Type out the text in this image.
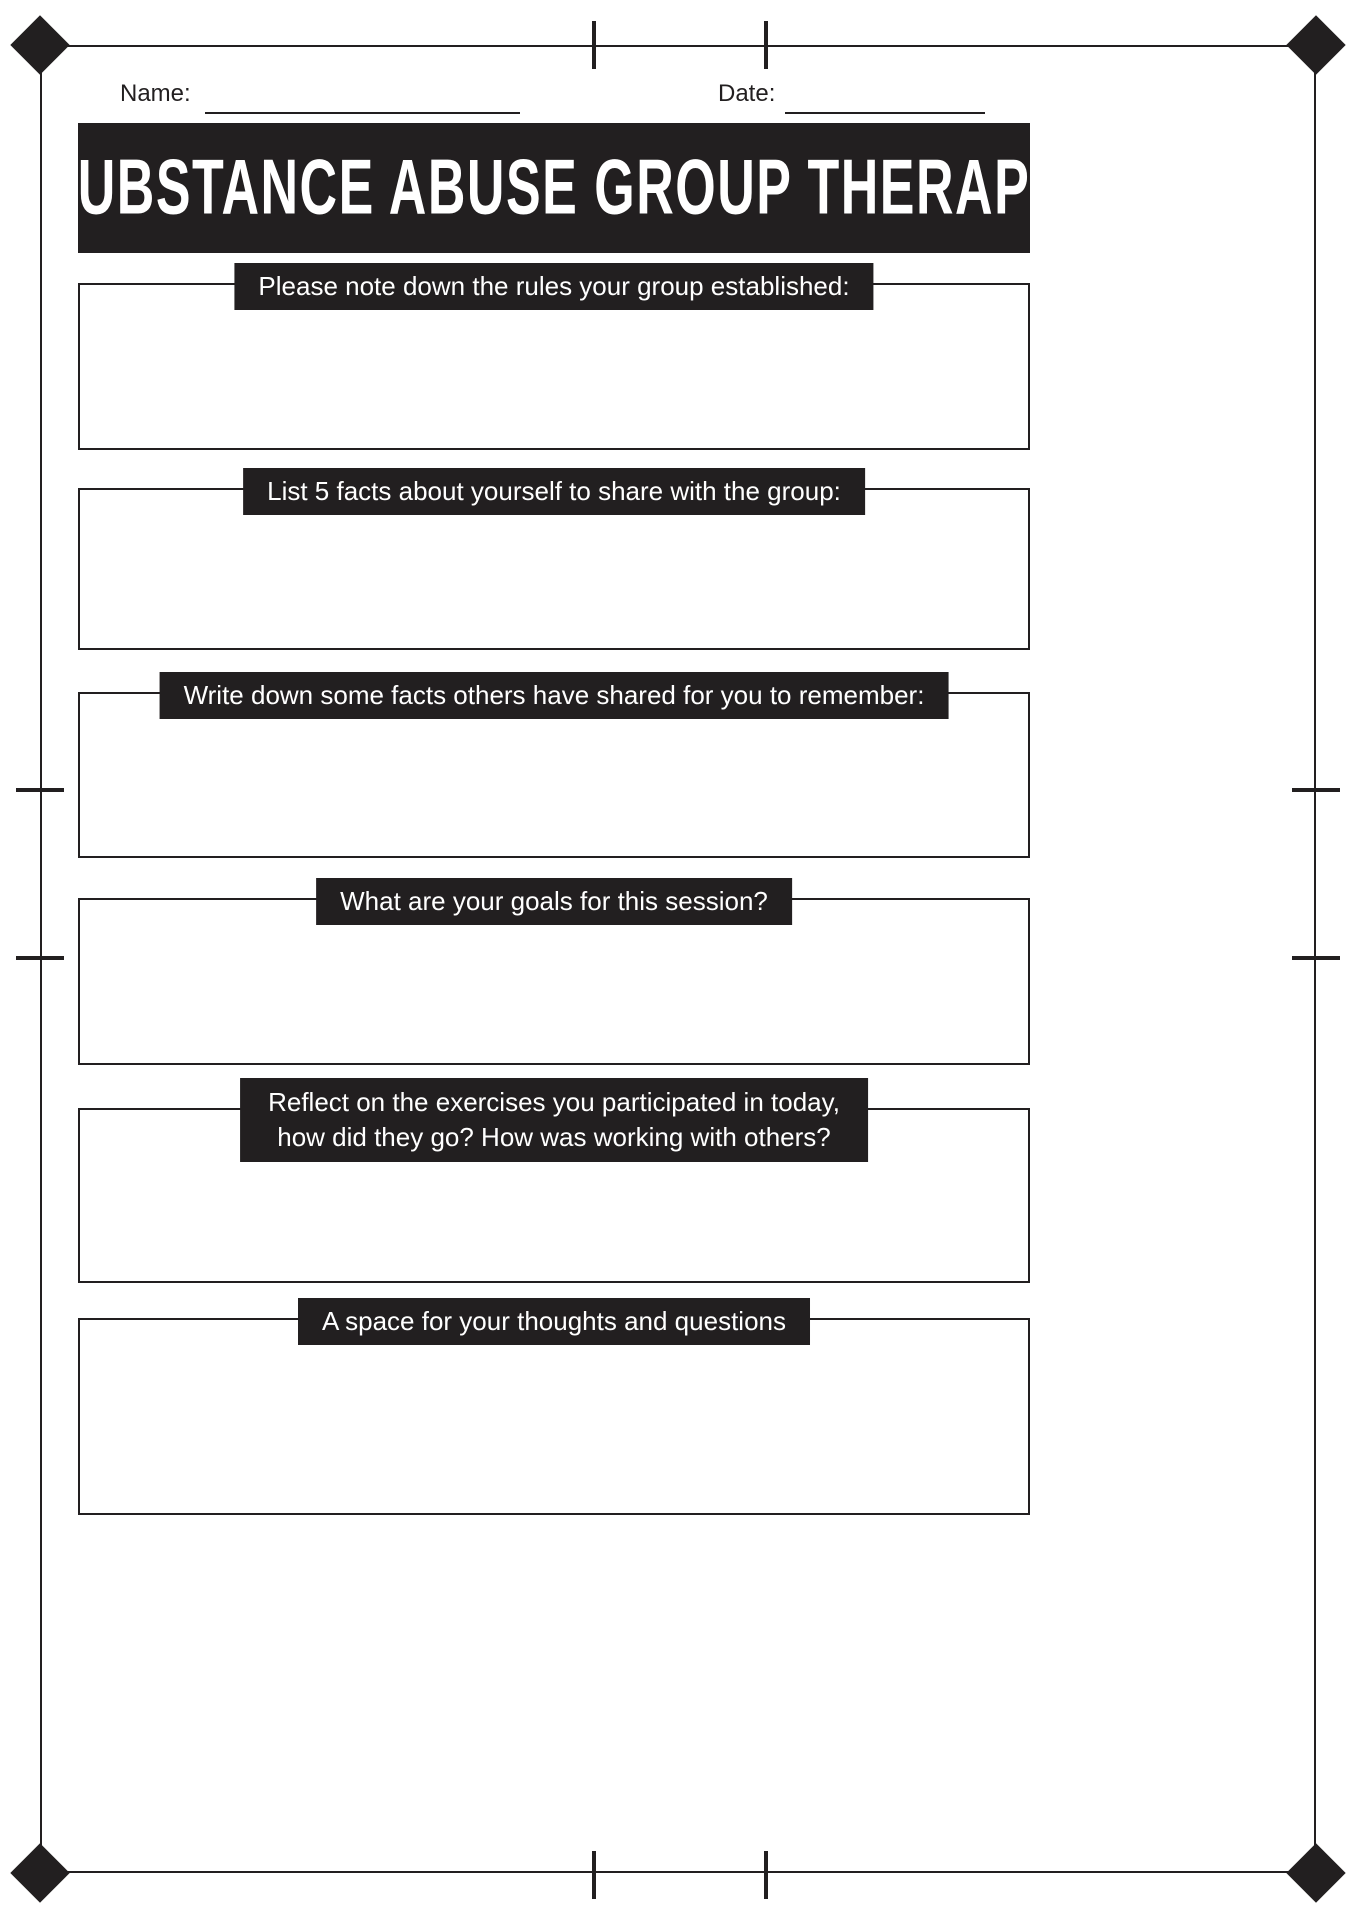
Name:	Date:
SUBSTANCE ABUSE GROUP THERAPY
Please note down the rules your group established:
List 5 facts about yourself to share with the group:
Write down some facts others have shared for you to remember:
What are your goals for this session?
Reflect on the exercises you participated in today,
how did they go? How was working with others?
A space for your thoughts and questions
